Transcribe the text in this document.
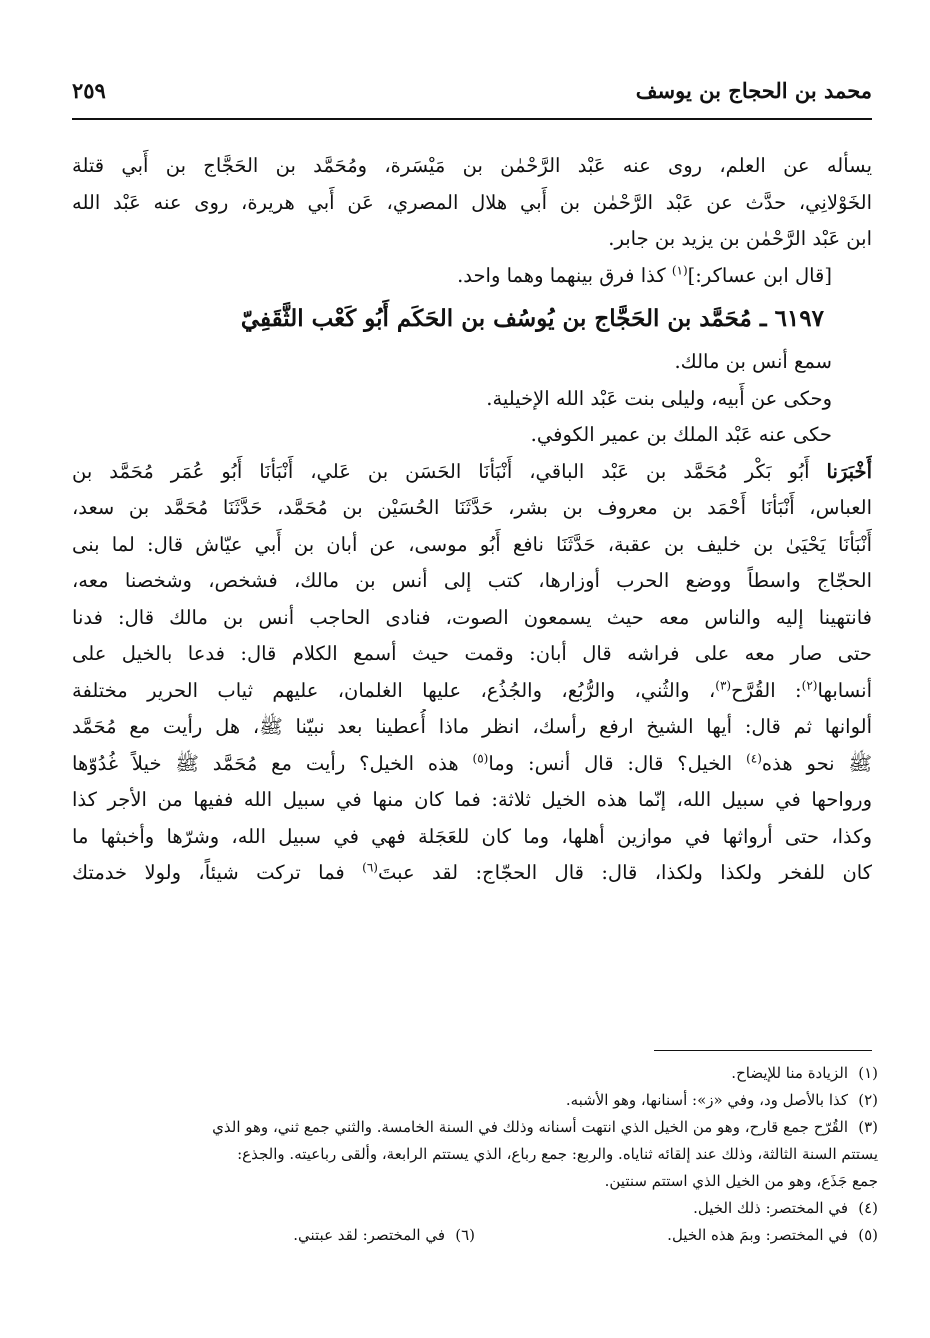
محمد بن الحجاج بن يوسف
٢٥٩
يسأله عن العلم، روى عنه عَبْد الرَّحْمٰن بن مَيْسَرة، ومُحَمَّد بن الحَجَّاج بن أَبي قتلة
الخَوْلانِي، حدَّث عن عَبْد الرَّحْمٰن بن أَبي هلال المصري، عَن أَبي هريرة، روى عنه عَبْد الله
ابن عَبْد الرَّحْمٰن بن يزيد بن جابر.
[قال ابن عساكر:]$^{(١)}$ كذا فرق بينهما وهما واحد.
٦١٩٧ ـ مُحَمَّد بن الحَجَّاج بن يُوسُف بن الحَكَم أَبُو كَعْب الثَّقَفِيّ
سمع أنس بن مالك.
وحكى عن أَبيه، وليلى بنت عَبْد الله الإخيلية.
حكى عنه عَبْد الملك بن عمير الكوفي.
أَخْبَرَنا أَبُو بَكْر مُحَمَّد بن عَبْد الباقي، أَنْبَأنَا الحَسَن بن عَلي، أَنْبَأنَا أَبُو عُمَر مُحَمَّد بن
العباس، أَنْبَأنَا أَحْمَد بن معروف بن بشر، حَدَّثَنَا الحُسَيْن بن مُحَمَّد، حَدَّثَنَا مُحَمَّد بن سعد،
أَنْبَأنَا يَحْيَىٰ بن خليف بن عقبة، حَدَّثَنَا نافع أَبُو موسى، عن أبان بن أَبي عيّاش قال: لما بنى
الحجّاج واسطاً ووضع الحرب أوزارها، كتب إلى أنس بن مالك، فشخص، وشخصنا معه،
فانتهينا إليه والناس معه حيث يسمعون الصوت، فنادى الحاجب أنس بن مالك قال: فدنا
حتى صار معه على فراشه قال أبان: وقمت حيث أسمع الكلام قال: فدعا بالخيل على
أنسابها$^{(٢)}$: القُرَّح$^{(٣)}$، والثُني، والرُّبُع، والجُذُع، عليها الغلمان، عليهم ثياب الحرير مختلفة
ألوانها ثم قال: أيها الشيخ ارفع رأسك، انظر ماذا أُعطينا بعد نبيّنا ﷺ، هل رأيت مع مُحَمَّد
ﷺ نحو هذه$^{(٤)}$ الخيل؟ قال: قال أنس: وما$^{(٥)}$ هذه الخيل؟ رأيت مع مُحَمَّد ﷺ خيلاً غُدُوّها
ورواحها في سبيل الله، إنّما هذه الخيل ثلاثة: فما كان منها في سبيل الله ففيها من الأجر كذا
وكذا، حتى أرواثها في موازين أهلها، وما كان للعَجَلة فهي في سبيل الله، وشرّها وأخبثها ما
كان للفخر ولكذا ولكذا، قال: قال الحجّاج: لقد عبتَ$^{(٦)}$ فما تركت شيئاً، ولولا خدمتك
(١)الزيادة منا للإيضاح.
(٢)كذا بالأصل ود، وفي «ز»: أسنانها، وهو الأشبه.
(٣)القُرّح جمع قارح، وهو من الخيل الذي انتهت أسنانه وذلك في السنة الخامسة. والثني جمع ثني، وهو الذي
يستتم السنة الثالثة، وذلك عند إلقائه ثناياه. والربع: جمع رباع، الذي يستتم الرابعة، وألقى رباعيته. والجذع:
جمع جَذَع، وهو من الخيل الذي استتم سنتين.
(٤)في المختصر: ذلك الخيل.
(٥)في المختصر: وبمَ هذه الخيل.
(٦)في المختصر: لقد عبتني.
